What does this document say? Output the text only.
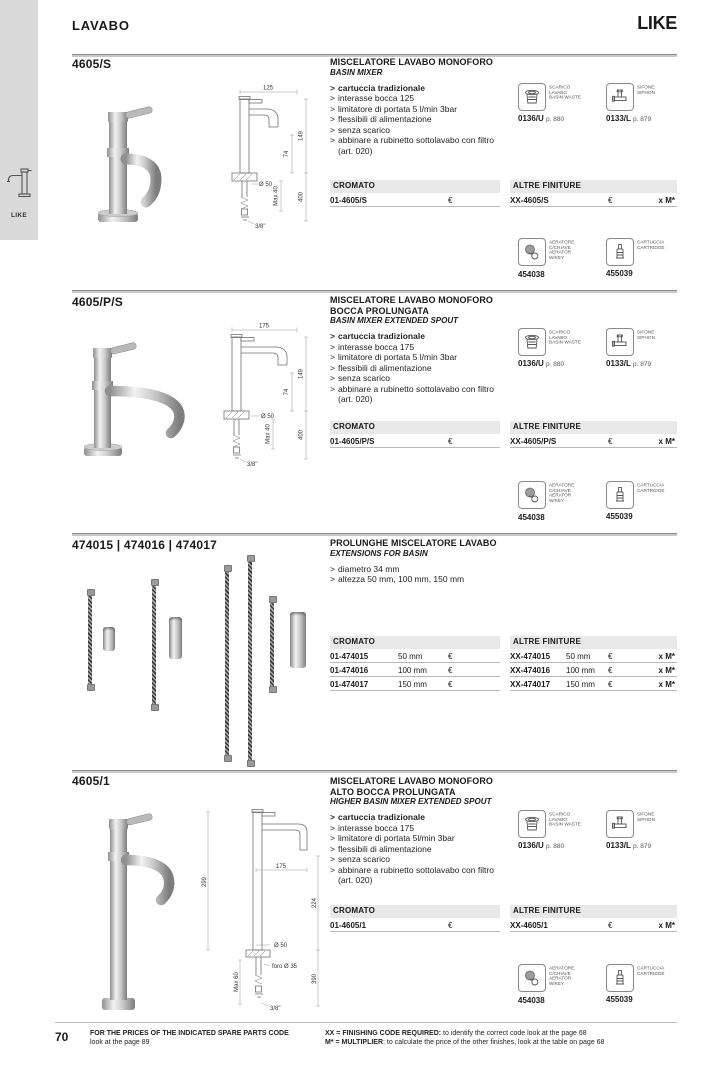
LIKE
LAVABO	LIKE
4605/S
125
74
149
Ø 50
Max 40	400
3/8"
MISCELATORE LAVABO MONOFORO
BASIN MIXER
> cartuccia tradizionale
> interasse bocca 125
> limitatore di portata 5 l/min 3bar
> flessibili di alimentazione
> senza scarico
> abbinare a rubinetto sottolavabo con filtro (art. 020)
SCARICO LAVABO
BASIN WASTE
0136/U p. 880
SIFONE
SIPHON
0133/L p. 879
CROMATO
01-4605/S	€
ALTRE FINITURE
XX-4605/S	€	x M*
AERATORE C/CHIAVE
AERATOR W/KEY
454038
CARTUCCIA
CARTRIDGE
455039
4605/P/S
175
74
149
Ø 50
Max 40	400
3/8"
MISCELATORE LAVABO MONOFORO BOCCA PROLUNGATA
BASIN MIXER EXTENDED SPOUT
> cartuccia tradizionale
> interasse bocca 175
> limitatore di portata 5 l/min 3bar
> flessibili di alimentazione
> senza scarico
> abbinare a rubinetto sottolavabo con filtro (art. 020)
SCARICO LAVABO
BASIN WASTE
0136/U p. 880
SIFONE
SIPHON
0133/L p. 879
CROMATO
01-4605/P/S	€
ALTRE FINITURE
XX-4605/P/S	€	x M*
AERATORE C/CHIAVE
AERATOR W/KEY
454038
CARTUCCIA
CARTRIDGE
455039
474015 | 474016 | 474017	PROLUNGHE MISCELATORE LAVABO
EXTENSIONS FOR BASIN
> diametro 34 mm
> altezza 50 mm, 100 mm, 150 mm
CROMATO
01-474015	50 mm	€
01-474016	100 mm	€
01-474017	150 mm	€
ALTRE FINITURE
XX-474015 50 mm €	x M*
XX-474016 100 mm €	x M*
XX-474017 150 mm €	x M*
4605/1
299
175
224
Ø 50
foro Ø 35
Max 60	390
3/8"
MISCELATORE LAVABO MONOFORO ALTO BOCCA PROLUNGATA
HIGHER BASIN MIXER EXTENDED SPOUT
> cartuccia tradizionale
> interasse bocca 175
> limitatore di portata 5l/min 3bar
> flessibili di alimentazione
> senza scarico
> abbinare a rubinetto sottolavabo con filtro (art. 020)
SCARICO LAVABO
BASIN WASTE
0136/U p. 880
SIFONE
SIPHON
0133/L p. 879
CROMATO
01-4605/1	€
ALTRE FINITURE
XX-4605/1	€	x M*
AERATORE C/CHIAVE
AERATOR W/KEY
454038
CARTUCCIA
CARTRIDGE
455039
70	FOR THE PRICES OF THE INDICATED SPARE PARTS CODE
look at the page 89
XX = FINISHING CODE REQUIRED: to identify the correct code look at the page 68
M* = MULTIPLIER: to calculate the price of the other finishes, look at the table on page 68
